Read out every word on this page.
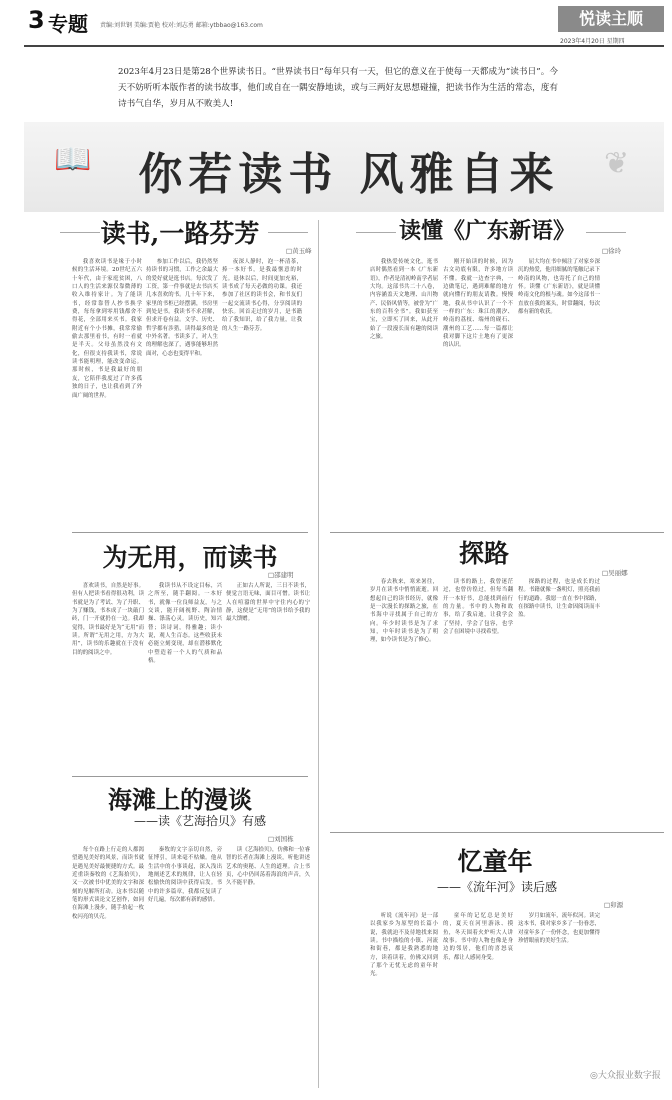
3 专题 责编:刘世钢 美编:贾艳 校对:刘志勇 邮箱:ytbbao@163.com	悦读主顺
2023年4月20日 星期四
2023年4月23日是第28个世界读书日。“世界读书日”每年只有一天，但它的意义在于使每一天都成为“读书日”。今天不妨听听本版作者的读书故事，他们或自在一隅安静地读，或与三两好友思想碰撞，把读书作为生活的常态，度有诗书气自华，岁月从不败美人!
📖	❦
你若读书 风雅自来
读书,一路芬芳
□黄玉峰

我喜欢读书是缘于小时候的生活环境。20世纪五六十年代，由于家庭贫困，八口人的生活来源仅靠微薄的收入维持家计。为了能读书，经常靠替人抄书换学费，每每拿到零用钱都舍不得花，全部用来买书。我家附近有个小书摊，我常常偷偷去那里看书，有时一看就是半天。父母虽然没有文化，但很支持我读书，常说读书能明理，能改变命运。那时候，书是我最好的朋友，它陪伴我度过了许多孤独的日子，也让我看到了外面广阔的世界。

参加工作以后，我仍然坚持读书的习惯，工作之余最大的爱好就是逛书店。每次发了工资，第一件事就是去书店买几本喜欢的书。几十年下来，家里的书柜已经摆满，书房里到处是书。我读书不求甚解，但求开卷有益。文学、历史、哲学都有涉猎，读得最多的是中外名著。书读多了，对人生的理解也深了，遇事能够坦然面对，心态也变得平和。

夜深人静时，泡一杯清茶，捧一本好书，是我最惬意的时光。退休以后，时间更加充裕，读书成了每天必做的功课。我还参加了社区的读书会，和书友们一起交流读书心得，分享阅读的快乐。回首走过的岁月，是书籍给了我知识，给了我力量，让我的人生一路芬芳。

读懂《广东新语》
□徐玲

我热爱传统文化，逛书店时偶然看到一本《广东新语》，作者是清初岭南学者屈大均。这部书共二十八卷，内容涵盖天文地理、山川物产、民俗风情等，被誉为“广东的百科全书”。我如获至宝，立即买了回来，从此开始了一段漫长而有趣的阅读之旅。

刚开始读的时候，因为古文功底有限，许多地方读不懂。我就一边查字典，一边做笔记，遇到难解的地方就向懂行的朋友请教。慢慢地，我从书中认识了一个不一样的广东：珠江的潮汐、岭南的荔枝、端州的砚石、潮州的工艺……每一篇都让我对脚下这片土地有了更深的认识。

屈大均在书中倾注了对家乡深沉的热爱，他用细腻的笔触记录下岭南的风物，也寄托了自己的情怀。读懂《广东新语》，就是读懂岭南文化的根与魂。如今这部书一直放在我的案头，时常翻阅，每次都有新的收获。

为无用，而读书
□邵建明

喜欢读书，自然是好事。但有人把读书看得很功利，读书就是为了考试、为了升职、为了赚钱，书本成了一块敲门砖，门一开就扔在一边。我却觉得，读书最好是为“无用”而读。所谓“无用之用，方为大用”，读书的乐趣就在于没有目的的阅读之中。

我读书从不设定目标，兴之所至，随手翻阅。一本好书，就像一位良师益友，与之交谈，能开阔视野、陶冶情操、涤荡心灵。读历史，知兴替；读诗词，得雅趣；读小说，观人生百态。这些收获未必能立刻变现，却在潜移默化中塑造着一个人的气质和品格。

正如古人所说，三日不读书，便觉言语无味，面目可憎。读书让人在喧嚣的世界中守住内心的宁静，这便是“无用”的读书给予我的最大馈赠。

探路
□吴丽娜

春去秋来，寒来暑往，岁月在读书中悄悄流逝。回想起自己的读书经历，就像是一次漫长的探路之旅，在书海中寻找属于自己的方向。年少时读书是为了求知，中年时读书是为了明理，如今读书是为了修心。

读书的路上，我曾迷茫过，也曾彷徨过，但每当翻开一本好书，总能找到前行的力量。书中的人物和故事，给了我启迪，让我学会了坚持，学会了包容，也学会了在困境中寻找希望。

探路的过程，也是成长的过程。书籍就像一盏明灯，照亮我前行的道路。我愿一直在书中探路，在探路中读书，让生命因阅读而丰盈。

海滩上的漫谈
——读《艺海拾贝》有感
□刘国栋

每个在路上行走的人都渴望遇见美好的风景，而读书就是遇见美好最便捷的方式。最近重读秦牧的《艺海拾贝》，又一次被书中优美的文字和深刻的见解所打动。这本书以随笔的形式谈论文艺创作，如同在海滩上漫步，随手拾起一枚枚闪亮的贝壳。

秦牧的文字亲切自然，旁征博引，读来毫不枯燥。他从生活中的小事谈起，深入浅出地阐述艺术的规律，让人在轻松愉快的阅读中获得启发。书中的许多篇章，我都反复读了好几遍，每次都有新的感悟。

读《艺海拾贝》，仿佛和一位睿智的长者在海滩上漫谈，听他讲述艺术的奥秘、人生的道理。合上书页，心中仍回荡着海浪的声音，久久不能平静。

忆童年
——《流年河》读后感
□卯源

听说《流年河》是一部以我家乡为原型的长篇小说，我就迫不及待地找来阅读。书中描绘的小镇、河流和街巷，都是我熟悉的地方，读着读着，仿佛又回到了那个无忧无虑的童年时光。

童年的记忆总是美好的，夏天在河里游泳、摸鱼，冬天围着火炉听大人讲故事。书中的人物也像是身边的邻居，他们的喜怒哀乐，都让人感同身受。

岁月如流年，流年似河。读完这本书，我对家乡多了一份眷恋，对童年多了一份怀念，也更加懂得珍惜眼前的美好生活。

◎大众报业数字报
